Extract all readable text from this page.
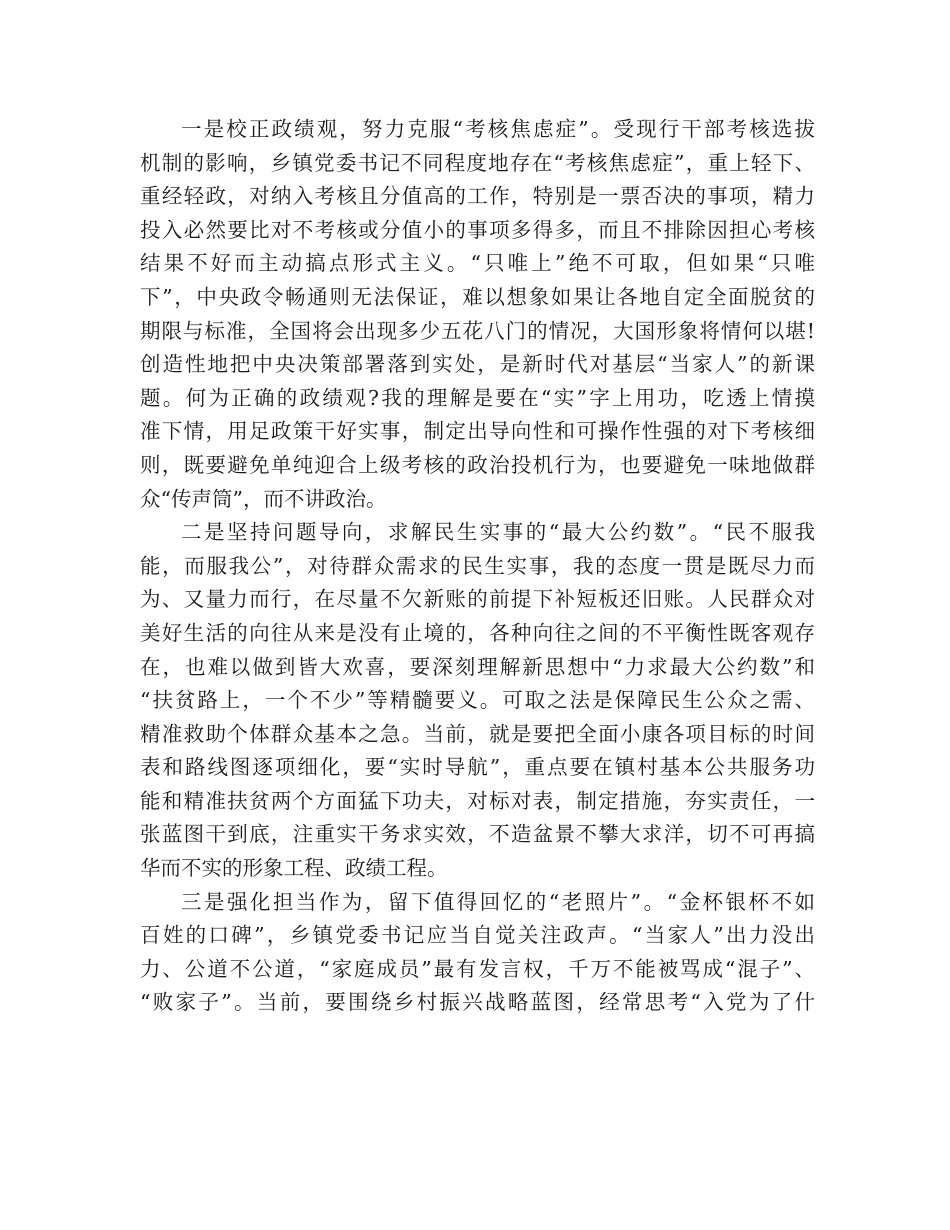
一是校正政绩观，努力克服“考核焦虑症”。受现行干部考核选拔
机制的影响，乡镇党委书记不同程度地存在“考核焦虑症”，重上轻下、
重经轻政，对纳入考核且分值高的工作，特别是一票否决的事项，精力
投入必然要比对不考核或分值小的事项多得多，而且不排除因担心考核
结果不好而主动搞点形式主义。“只唯上”绝不可取，但如果“只唯
下”，中央政令畅通则无法保证，难以想象如果让各地自定全面脱贫的
期限与标准，全国将会出现多少五花八门的情况，大国形象将情何以堪!
创造性地把中央决策部署落到实处，是新时代对基层“当家人”的新课
题。何为正确的政绩观?我的理解是要在“实”字上用功，吃透上情摸
准下情，用足政策干好实事，制定出导向性和可操作性强的对下考核细
则，既要避免单纯迎合上级考核的政治投机行为，也要避免一味地做群
众“传声筒”，而不讲政治。
二是坚持问题导向，求解民生实事的“最大公约数”。“民不服我
能，而服我公”，对待群众需求的民生实事，我的态度一贯是既尽力而
为、又量力而行，在尽量不欠新账的前提下补短板还旧账。人民群众对
美好生活的向往从来是没有止境的，各种向往之间的不平衡性既客观存
在，也难以做到皆大欢喜，要深刻理解新思想中“力求最大公约数”和
“扶贫路上，一个不少”等精髓要义。可取之法是保障民生公众之需、
精准救助个体群众基本之急。当前，就是要把全面小康各项目标的时间
表和路线图逐项细化，要“实时导航”，重点要在镇村基本公共服务功
能和精准扶贫两个方面猛下功夫，对标对表，制定措施，夯实责任，一
张蓝图干到底，注重实干务求实效，不造盆景不攀大求洋，切不可再搞
华而不实的形象工程、政绩工程。
三是强化担当作为，留下值得回忆的“老照片”。“金杯银杯不如
百姓的口碑”，乡镇党委书记应当自觉关注政声。“当家人”出力没出
力、公道不公道，“家庭成员”最有发言权，千万不能被骂成“混子”、
“败家子”。当前，要围绕乡村振兴战略蓝图，经常思考“入党为了什
